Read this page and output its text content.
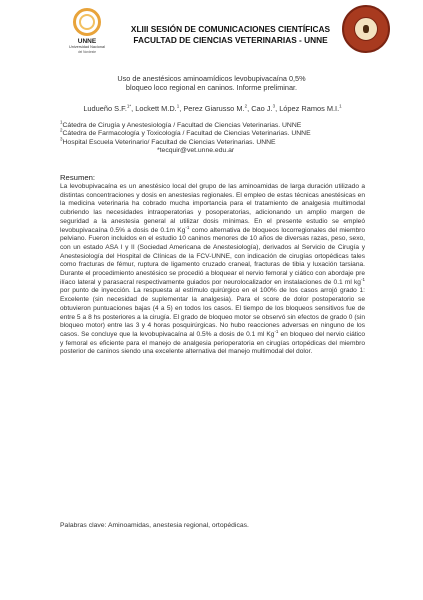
UNNE
Universidad Nacional
del Nordeste
XLIII SESIÓN DE COMUNICACIONES CIENTÍFICAS
FACULTAD DE CIENCIAS VETERINARIAS - UNNE
Uso de anestésicos aminoamídicos levobupivacaína 0,5%
bloqueo loco regional en caninos. Informe preliminar.
Ludueño S.F.$^{1*}$, Lockett M.D.$^1$, Perez Giarusso M.$^2$, Cao J.$^3$, López Ramos M.I.$^1$
$^1$Cátedra de Cirugía y Anestesiología / Facultad de Ciencias Veterinarias. UNNE
$^2$Cátedra de Farmacología y Toxicología / Facultad de Ciencias Veterinarias. UNNE
$^3$Hospital Escuela Veterinario/ Facultad de Ciencias Veterinarias. UNNE
*tecquir@vet.unne.edu.ar
Resumen:
La levobupivacaína es un anestésico local del grupo de las aminoamidas de larga duración utilizado a distintas concentraciones y dosis en anestesias regionales. El empleo de estas técnicas anestésicas en la medicina veterinaria ha cobrado mucha importancia para el tratamiento de analgesia multimodal cubriendo las necesidades intraoperatorias y posoperatorias, adicionando un amplio margen de seguridad a la anestesia general al utilizar dosis mínimas. En el presente estudio se empleó levobupivacaína 0.5% a dosis de 0.1m $Kg^{-1}$ como alternativa de bloqueos locorregionales del miembro pelviano. Fueron incluidos en el estudio 10 caninos menores de 10 años de diversas razas, peso, sexo, con un estado ASA I y II (Sociedad Americana de Anestesiología), derivados al Servicio de Cirugía y Anestesiología del Hospital de Clínicas de la FCV-UNNE, con indicación de cirugías ortopédicas tales como fracturas de fémur, ruptura de ligamento cruzado craneal, fracturas de tibia y luxación tarsiana. Durante el procedimiento anestésico se procedió a bloquear el nervio femoral y ciático con abordaje pre ilíaco lateral y parasacral respectivamente guiados por neurolocalizador en instalaciones de 0.1 ml $kg^{-1}$ por punto de inyección. La respuesta al estímulo quirúrgico en el 100% de los casos arrojó grado 1: Excelente (sin necesidad de suplementar la analgesia). Para el score de dolor postoperatorio se obtuvieron puntuaciones bajas (4 a 5) en todos los casos. El tiempo de los bloqueos sensitivos fue de entre 5 a 8 hs posteriores a la cirugía. El grado de bloqueo motor se observó sin efectos de grado 0 (sin bloqueo motor) entre las 3 y 4 horas posquirúrgicas. No hubo reacciones adversas en ninguno de los casos. Se concluye que la levobupivacaína al 0.5% a dosis de 0.1 ml $Kg^{-1}$ en bloqueo del nervio ciático y femoral es eficiente para el manejo de analgesia perioperatoria en cirugías ortopédicas del miembro posterior de caninos siendo una excelente alternativa del manejo multimodal del dolor.
Palabras clave: Aminoamidas, anestesia regional, ortopédicas.
